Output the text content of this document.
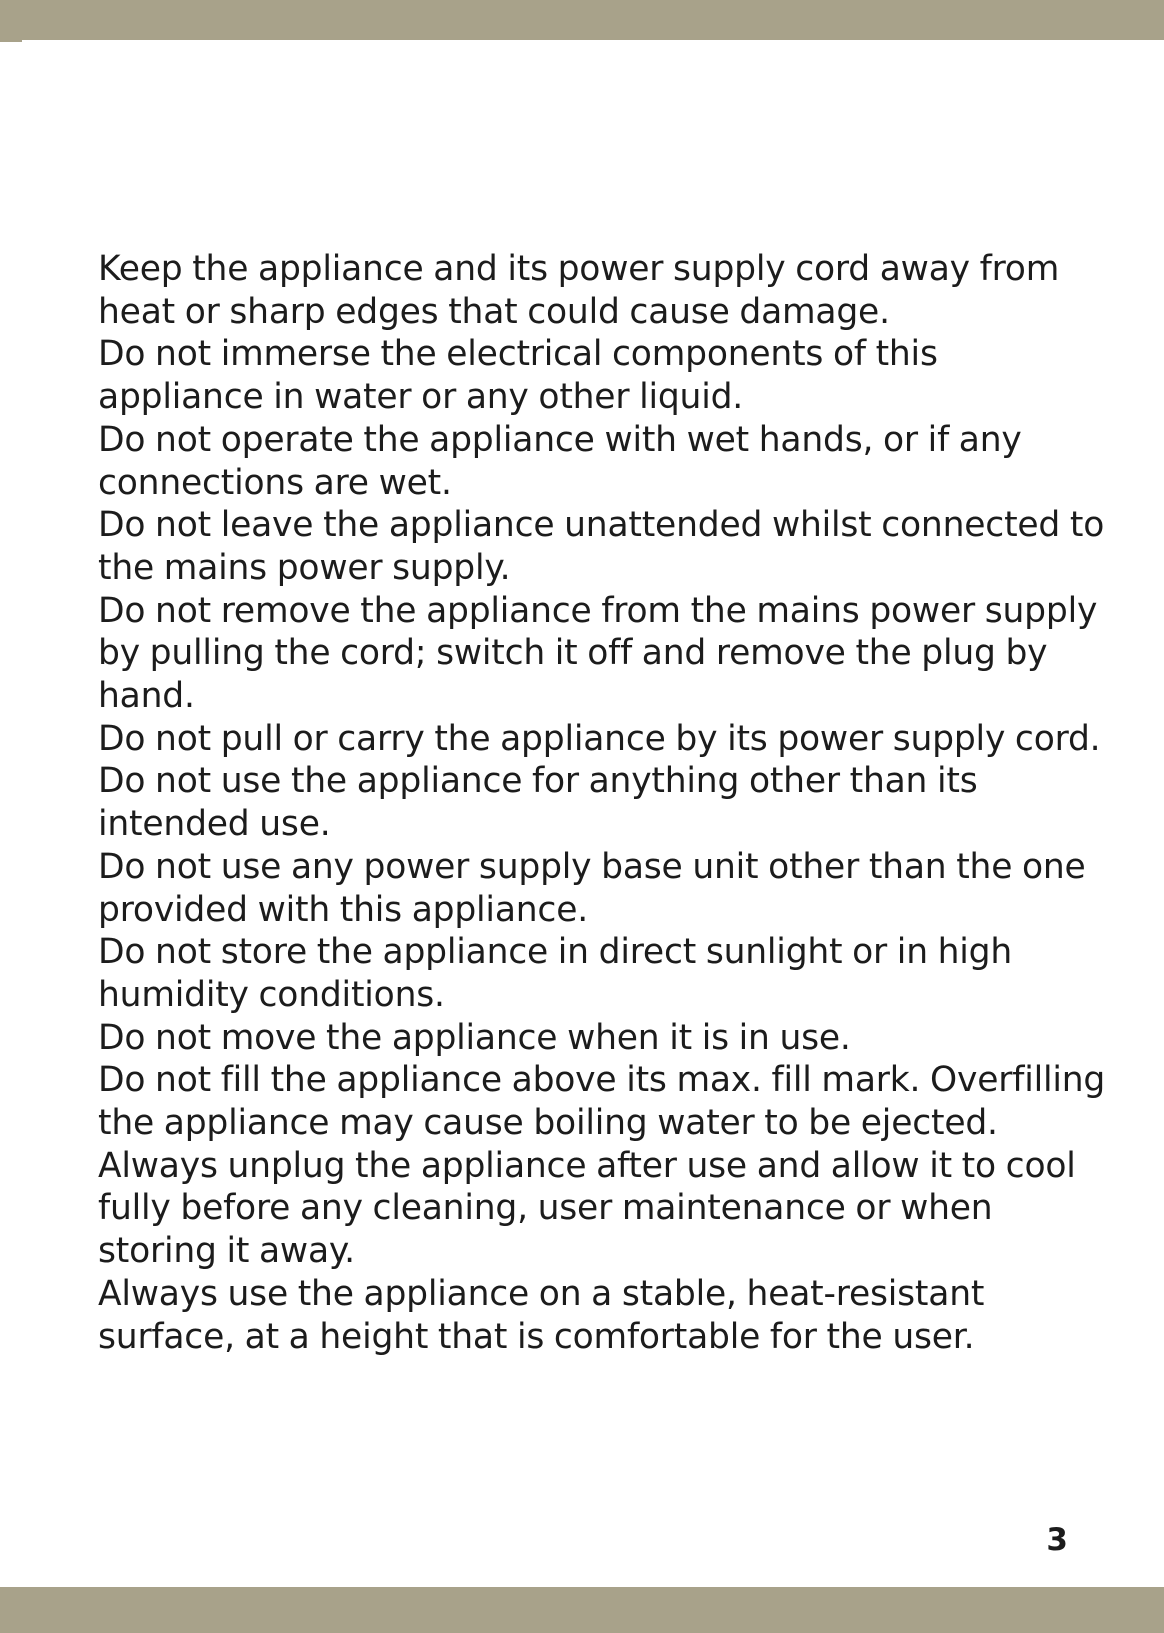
Keep the appliance and its power supply cord away from heat or sharp edges that could cause damage.

Do not immerse the electrical components of this appliance in water or any other liquid.

Do not operate the appliance with wet hands, or if any connections are wet.

Do not leave the appliance unattended whilst connected to the mains power supply.

Do not remove the appliance from the mains power supply by pulling the cord; switch it off and remove the plug by hand.

Do not pull or carry the appliance by its power supply cord.

Do not use the appliance for anything other than its intended use.

Do not use any power supply base unit other than the one provided with this appliance.

Do not store the appliance in direct sunlight or in high humidity conditions.

Do not move the appliance when it is in use.

Do not fill the appliance above its max. fill mark. Overfilling the appliance may cause boiling water to be ejected.

Always unplug the appliance after use and allow it to cool fully before any cleaning, user maintenance or when storing it away.

Always use the appliance on a stable, heat-resistant surface, at a height that is comfortable for the user.

3
